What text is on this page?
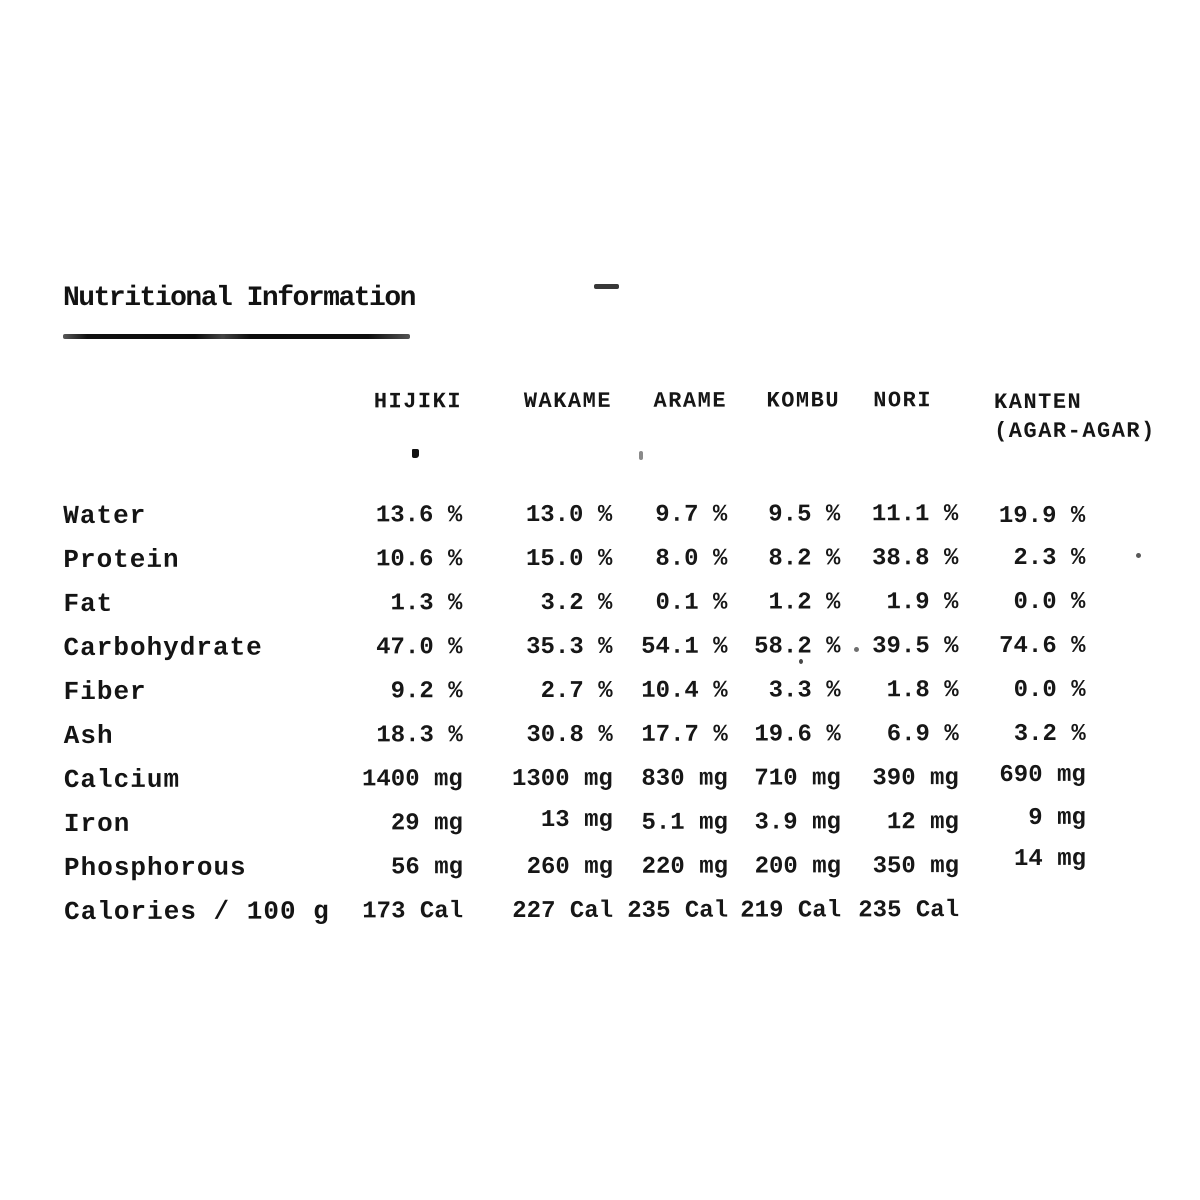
Nutritional Information
	HIJIKI	WAKAME	ARAME	KOMBU	NORI	KANTEN
(AGAR-AGAR)

Water	13.6 %	13.0 %	9.7 %	9.5 %	11.1 %	19.9 %
Protein	10.6 %	15.0 %	8.0 %	8.2 %	38.8 %	2.3 %
Fat	1.3 %	3.2 %	0.1 %	1.2 %	1.9 %	0.0 %
Carbohydrate	47.0 %	35.3 %	54.1 %	58.2 %	39.5 %	74.6 %
Fiber	9.2 %	2.7 %	10.4 %	3.3 %	1.8 %	0.0 %
Ash	18.3 %	30.8 %	17.7 %	19.6 %	6.9 %	3.2 %
Calcium	1400 mg	1300 mg	830 mg	710 mg	390 mg	690 mg
Iron	29 mg	13 mg	5.1 mg	3.9 mg	12 mg	9 mg
Phosphorous	56 mg	260 mg	220 mg	200 mg	350 mg	14 mg
Calories / 100 g	173 Cal	227 Cal	235 Cal	219 Cal	235 Cal	
